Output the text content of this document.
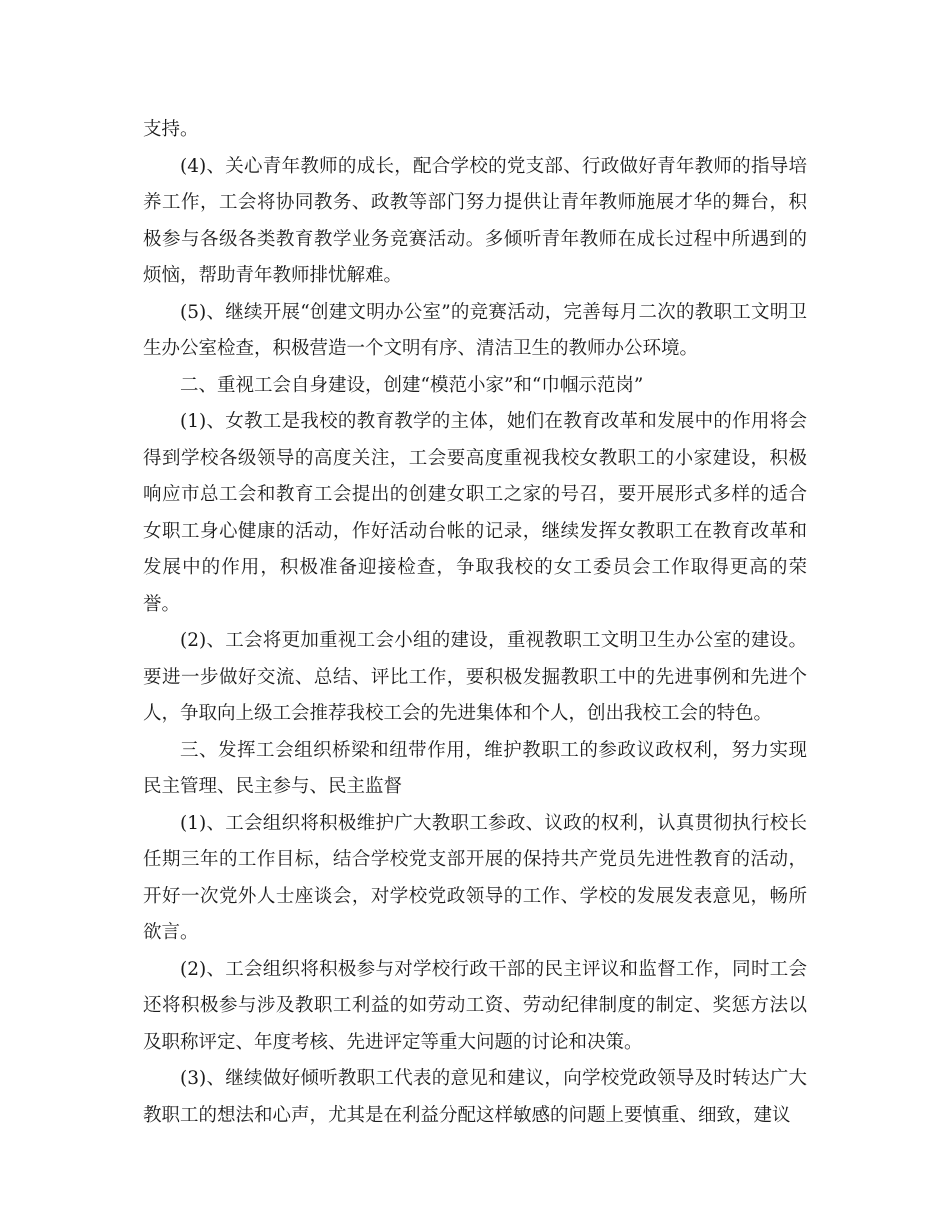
支持。

(4)、关心青年教师的成长，配合学校的党支部、行政做好青年教师的指导培养工作，工会将协同教务、政教等部门努力提供让青年教师施展才华的舞台，积极参与各级各类教育教学业务竞赛活动。多倾听青年教师在成长过程中所遇到的烦恼，帮助青年教师排忧解难。

(5)、继续开展“创建文明办公室”的竞赛活动，完善每月二次的教职工文明卫生办公室检查，积极营造一个文明有序、清洁卫生的教师办公环境。

二、重视工会自身建设，创建“模范小家”和“巾帼示范岗”

(1)、女教工是我校的教育教学的主体，她们在教育改革和发展中的作用将会得到学校各级领导的高度关注，工会要高度重视我校女教职工的小家建设，积极响应市总工会和教育工会提出的创建女职工之家的号召，要开展形式多样的适合女职工身心健康的活动，作好活动台帐的记录，继续发挥女教职工在教育改革和发展中的作用，积极准备迎接检查，争取我校的女工委员会工作取得更高的荣誉。

(2)、工会将更加重视工会小组的建设，重视教职工文明卫生办公室的建设。要进一步做好交流、总结、评比工作，要积极发掘教职工中的先进事例和先进个人，争取向上级工会推荐我校工会的先进集体和个人，创出我校工会的特色。

三、发挥工会组织桥梁和纽带作用，维护教职工的参政议政权利，努力实现民主管理、民主参与、民主监督

(1)、工会组织将积极维护广大教职工参政、议政的权利，认真贯彻执行校长任期三年的工作目标，结合学校党支部开展的保持共产党员先进性教育的活动，开好一次党外人士座谈会，对学校党政领导的工作、学校的发展发表意见，畅所欲言。

(2)、工会组织将积极参与对学校行政干部的民主评议和监督工作，同时工会还将积极参与涉及教职工利益的如劳动工资、劳动纪律制度的制定、奖惩方法以及职称评定、年度考核、先进评定等重大问题的讨论和决策。

(3)、继续做好倾听教职工代表的意见和建议，向学校党政领导及时转达广大教职工的想法和心声，尤其是在利益分配这样敏感的问题上要慎重、细致，建议
